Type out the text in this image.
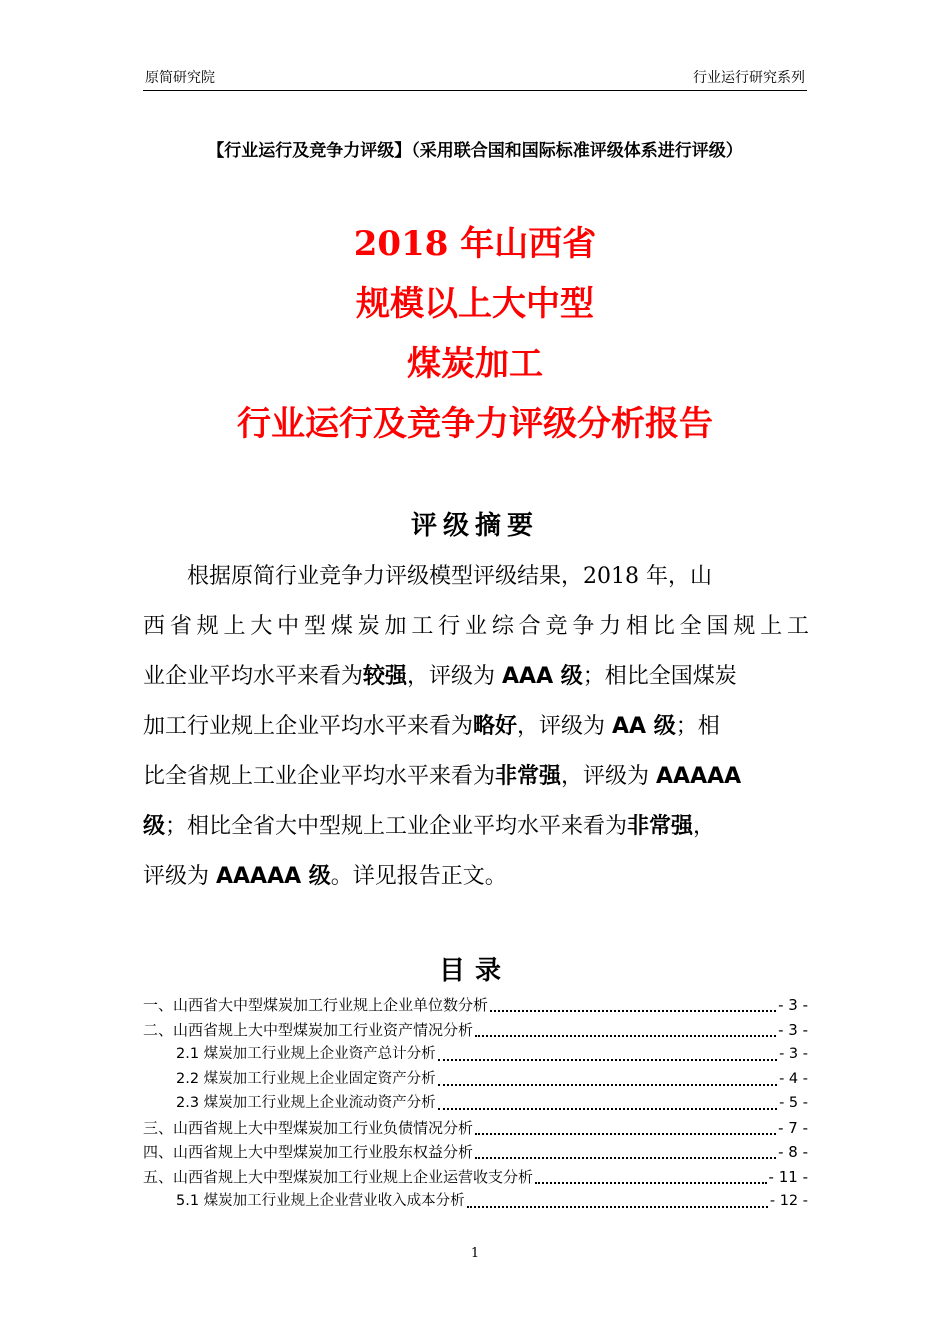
原简研究院	行业运行研究系列
【行业运行及竞争力评级】（采用联合国和国际标准评级体系进行评级）
2018 年山西省
规模以上大中型
煤炭加工
行业运行及竞争力评级分析报告
评级摘要
根据原简行业竞争力评级模型评级结果，2018 年，山
西省规上大中型煤炭加工行业综合竞争力相比全国规上工
业企业平均水平来看为较强，评级为 AAA 级；相比全国煤炭
加工行业规上企业平均水平来看为略好，评级为 AA 级；相
比全省规上工业企业平均水平来看为非常强，评级为 AAAAA
级；相比全省大中型规上工业企业平均水平来看为非常强，
评级为 AAAAA 级。详见报告正文。
目录
一、山西省大中型煤炭加工行业规上企业单位数分析	- 3 -
二、山西省规上大中型煤炭加工行业资产情况分析	- 3 -
2.1 煤炭加工行业规上企业资产总计分析	- 3 -
2.2 煤炭加工行业规上企业固定资产分析	- 4 -
2.3 煤炭加工行业规上企业流动资产分析	- 5 -
三、山西省规上大中型煤炭加工行业负债情况分析	- 7 -
四、山西省规上大中型煤炭加工行业股东权益分析	- 8 -
五、山西省规上大中型煤炭加工行业规上企业运营收支分析	- 11 -
5.1 煤炭加工行业规上企业营业收入成本分析	- 12 -
1
